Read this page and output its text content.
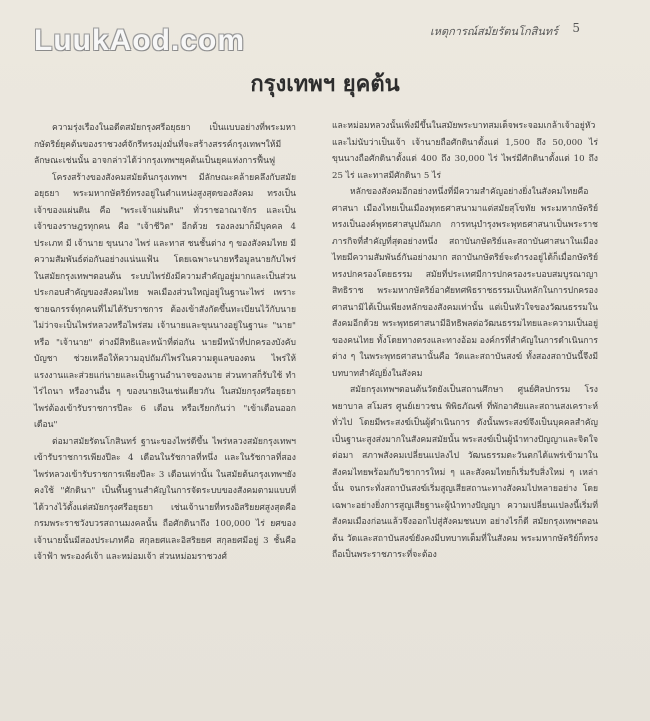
LuukAod.com	เหตุการณ์สมัยรัตนโกสินทร์ 5
กรุงเทพฯ ยุคต้น

ความรุ่งเรืองในอดีตสมัยกรุงศรีอยุธยา เป็นแบบอย่างที่พระมหากษัตริย์ยุคต้นของราชวงศ์จักรีทรงมุ่งมั่นที่จะสร้างสรรค์กรุงเทพฯให้มีลักษณะเช่นนั้น อาจกล่าวได้ว่ากรุงเทพฯยุคต้นเป็นยุคแห่งการฟื้นฟู

โครงสร้างของสังคมสมัยต้นกรุงเทพฯ มีลักษณะคล้ายคลึงกับสมัยอยุธยา พระมหากษัตริย์ทรงอยู่ในตำแหน่งสูงสุดของสังคม ทรงเป็นเจ้าของแผ่นดิน คือ "พระเจ้าแผ่นดิน" ทั่วราชอาณาจักร และเป็นเจ้าของราษฎรทุกคน คือ "เจ้าชีวิต" อีกด้วย รองลงมาก็มีบุคคล 4 ประเภท มี เจ้านาย ขุนนาง ไพร่ และทาส ชนชั้นต่าง ๆ ของสังคมไทย มีความสัมพันธ์ต่อกันอย่างแน่นแฟ้น โดยเฉพาะนายหรือมูลนายกับไพร่ ในสมัยกรุงเทพฯตอนต้น ระบบไพร่ยังมีความสำคัญอยู่มากและเป็นส่วนประกอบสำคัญของสังคมไทย พลเมืองส่วนใหญ่อยู่ในฐานะไพร่ เพราะชายฉกรรจ์ทุกคนที่ไม่ได้รับราชการ ต้องเข้าสังกัดขึ้นทะเบียนไว้กับนาย ไม่ว่าจะเป็นไพร่หลวงหรือไพร่สม เจ้านายและขุนนางอยู่ในฐานะ "นาย" หรือ "เจ้านาย" ต่างมีสิทธิและหน้าที่ต่อกัน นายมีหน้าที่ปกครองบังคับบัญชา ช่วยเหลือให้ความอุปถัมภ์ไพร่ในความดูแลของตน ไพร่ให้แรงงานและส่วยแก่นายและเป็นฐานอำนาจของนาย ส่วนทาสก็รับใช้ ทำไร่ไถนา หรืองานอื่น ๆ ของนายเงินเช่นเดียวกัน ในสมัยกรุงศรีอยุธยา ไพร่ต้องเข้ารับราชการปีละ 6 เดือน หรือเรียกกันว่า "เข้าเดือนออกเดือน"

ต่อมาสมัยรัตนโกสินทร์ ฐานะของไพร่ดีขึ้น ไพร่หลวงสมัยกรุงเทพฯเข้ารับราชการเพียงปีละ 4 เดือนในรัชกาลที่หนึ่ง และในรัชกาลที่สอง ไพร่หลวงเข้ารับราชการเพียงปีละ 3 เดือนเท่านั้น ในสมัยต้นกรุงเทพฯยังคงใช้ "ศักดินา" เป็นพื้นฐานสำคัญในการจัดระบบของสังคมตามแบบที่ได้วางไว้ตั้งแต่สมัยกรุงศรีอยุธยา เช่นเจ้านายที่ทรงอิสริยยศสูงสุดคือ กรมพระราชวังบวรสถานมงคลนั้น ถือศักดินาถึง 100,000 ไร่ ยศของเจ้านายนั้นมีสองประเภทคือ สกุลยศและอิสริยยศ สกุลยศมีอยู่ 3 ชั้นคือ เจ้าฟ้า พระองค์เจ้า และหม่อมเจ้า ส่วนหม่อมราชวงศ์

และหม่อมหลวงนั้นเพิ่งมีขึ้นในสมัยพระบาทสมเด็จพระจอมเกล้าเจ้าอยู่หัว และไม่นับว่าเป็นเจ้า เจ้านายถือศักดินาตั้งแต่ 1,500 ถึง 50,000 ไร่ ขุนนางถือศักดินาตั้งแต่ 400 ถึง 30,000 ไร่ ไพร่มีศักดินาตั้งแต่ 10 ถึง 25 ไร่ และทาสมีศักดินา 5 ไร่

หลักของสังคมอีกอย่างหนึ่งที่มีความสำคัญอย่างยิ่งในสังคมไทยคือ ศาสนา เมืองไทยเป็นเมืองพุทธศาสนามาแต่สมัยสุโขทัย พระมหากษัตริย์ทรงเป็นองค์พุทธศาสนูปถัมภก การทนุบำรุงพระพุทธศาสนาเป็นพระราชภารกิจที่สำคัญที่สุดอย่างหนึ่ง สถาบันกษัตริย์และสถาบันศาสนาในเมืองไทยมีความสัมพันธ์กันอย่างมาก สถาบันกษัตริย์จะดำรงอยู่ได้ก็เมื่อกษัตริย์ทรงปกครองโดยธรรม สมัยที่ประเทศมีการปกครองระบอบสมบูรณาญาสิทธิราช พระมหากษัตริย์อาศัยทศพิธราชธรรมเป็นหลักในการปกครอง ศาสนามิได้เป็นเพียงหลักของสังคมเท่านั้น แต่เป็นหัวใจของวัฒนธรรมในสังคมอีกด้วย พระพุทธศาสนามีอิทธิพลต่อวัฒนธรรมไทยและความเป็นอยู่ของคนไทย ทั้งโดยทางตรงและทางอ้อม องค์กรที่สำคัญในการดำเนินการต่าง ๆ ในพระพุทธศาสนานั้นคือ วัดและสถาบันสงฆ์ ทั้งสองสถาบันนี้จึงมีบทบาทสำคัญยิ่งในสังคม

สมัยกรุงเทพฯตอนต้นวัดยังเป็นสถานศึกษา ศูนย์ศิลปกรรม โรงพยาบาล สโมสร ศูนย์เยาวชน พิพิธภัณฑ์ ที่พักอาศัยและสถานสงเคราะห์ทั่วไป โดยมีพระสงฆ์เป็นผู้ดำเนินการ ดังนั้นพระสงฆ์จึงเป็นบุคคลสำคัญเป็นฐานะสูงส่งมากในสังคมสมัยนั้น พระสงฆ์เป็นผู้นำทางปัญญาและจิตใจ ต่อมา สภาพสังคมเปลี่ยนแปลงไป วัฒนธรรมตะวันตกได้แพร่เข้ามาในสังคมไทยพร้อมกับวิชาการใหม่ ๆ และสังคมไทยก็เริ่มรับสิ่งใหม่ ๆ เหล่านั้น จนกระทั่งสถาบันสงฆ์เริ่มสูญเสียสถานะทางสังคมไปหลายอย่าง โดยเฉพาะอย่างยิ่งการสูญเสียฐานะผู้นำทางปัญญา ความเปลี่ยนแปลงนี้เริ่มที่สังคมเมืองก่อนแล้วจึงออกไปสู่สังคมชนบท อย่างไรก็ดี สมัยกรุงเทพฯตอนต้น วัดและสถาบันสงฆ์ยังคงมีบทบาทเต็มที่ในสังคม พระมหากษัตริย์ก็ทรงถือเป็นพระราชภาระที่จะต้อง
